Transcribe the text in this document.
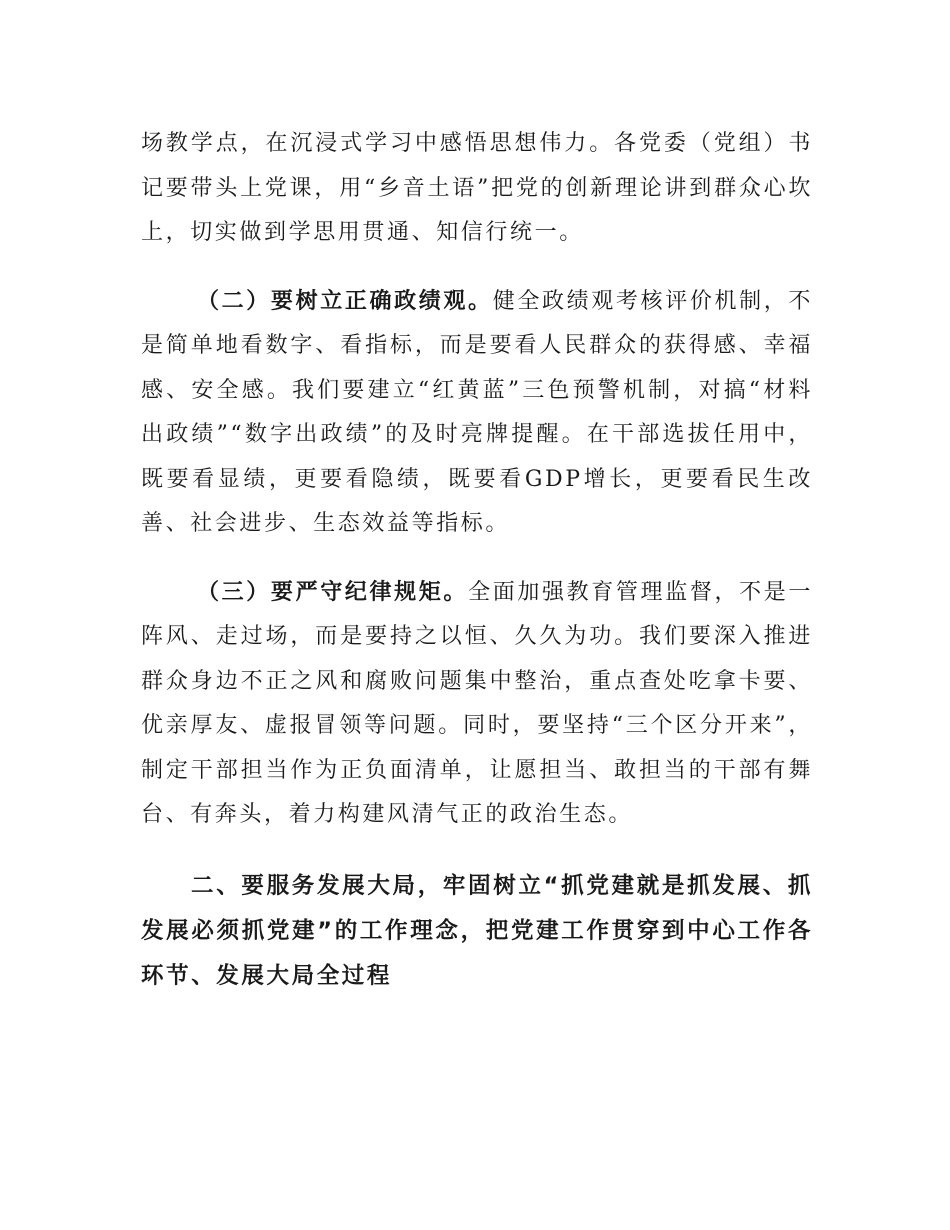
场教学点，在沉浸式学习中感悟思想伟力。各党委（党组）书记要带头上党课，用“乡音土语”把党的创新理论讲到群众心坎上，切实做到学思用贯通、知信行统一。

（二）要树立正确政绩观。健全政绩观考核评价机制，不是简单地看数字、看指标，而是要看人民群众的获得感、幸福感、安全感。我们要建立“红黄蓝”三色预警机制，对搞“材料出政绩”“数字出政绩”的及时亮牌提醒。在干部选拔任用中，既要看显绩，更要看隐绩，既要看GDP增长，更要看民生改善、社会进步、生态效益等指标。

（三）要严守纪律规矩。全面加强教育管理监督，不是一阵风、走过场，而是要持之以恒、久久为功。我们要深入推进群众身边不正之风和腐败问题集中整治，重点查处吃拿卡要、优亲厚友、虚报冒领等问题。同时，要坚持“三个区分开来”，制定干部担当作为正负面清单，让愿担当、敢担当的干部有舞台、有奔头，着力构建风清气正的政治生态。

二、要服务发展大局，牢固树立“抓党建就是抓发展、抓发展必须抓党建”的工作理念，把党建工作贯穿到中心工作各环节、发展大局全过程
